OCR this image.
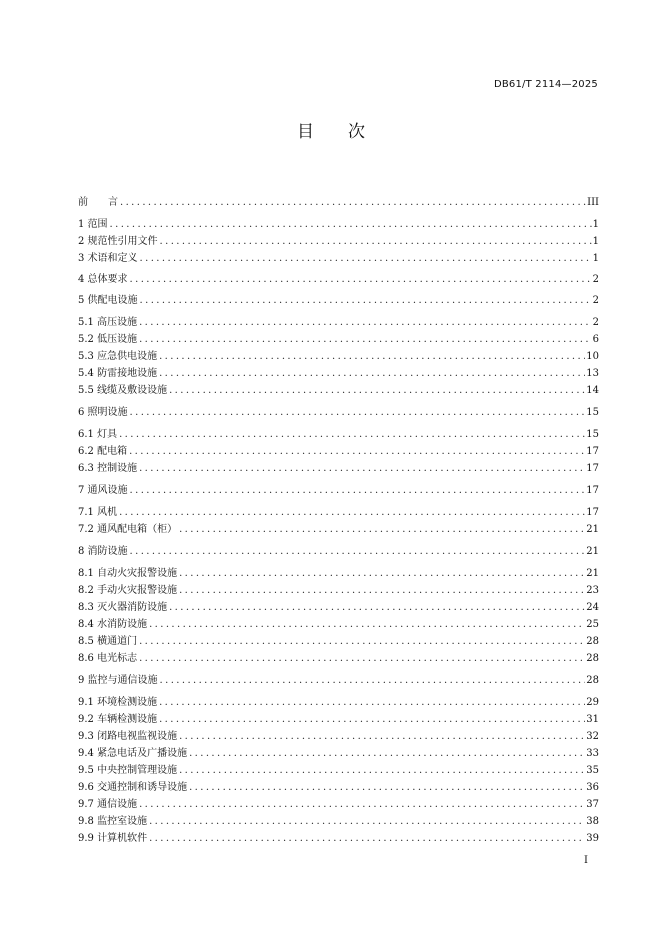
DB61/T 2114—2025
目　　次
前　　言 .....	III
1 范围 .....	1
2 规范性引用文件 .....	1
3 术语和定义 .....	1
4 总体要求 .....	2
5 供配电设施 .....	2
5.1 高压设施 .....	2
5.2 低压设施 .....	6
5.3 应急供电设施 .....	10
5.4 防雷接地设施 .....	13
5.5 线缆及敷设设施 .....	14
6 照明设施 .....	15
6.1 灯具 .....	15
6.2 配电箱 .....	17
6.3 控制设施 .....	17
7 通风设施 .....	17
7.1 风机 .....	17
7.2 通风配电箱（柜） .....	21
8 消防设施 .....	21
8.1 自动火灾报警设施 .....	21
8.2 手动火灾报警设施 .....	23
8.3 灭火器消防设施 .....	24
8.4 水消防设施 .....	25
8.5 横通道门 .....	28
8.6 电光标志 .....	28
9 监控与通信设施 .....	28
9.1 环境检测设施 .....	29
9.2 车辆检测设施 .....	31
9.3 闭路电视监视设施 .....	32
9.4 紧急电话及广播设施 .....	33
9.5 中央控制管理设施 .....	35
9.6 交通控制和诱导设施 .....	36
9.7 通信设施 .....	37
9.8 监控室设施 .....	38
9.9 计算机软件 .....	39
I
